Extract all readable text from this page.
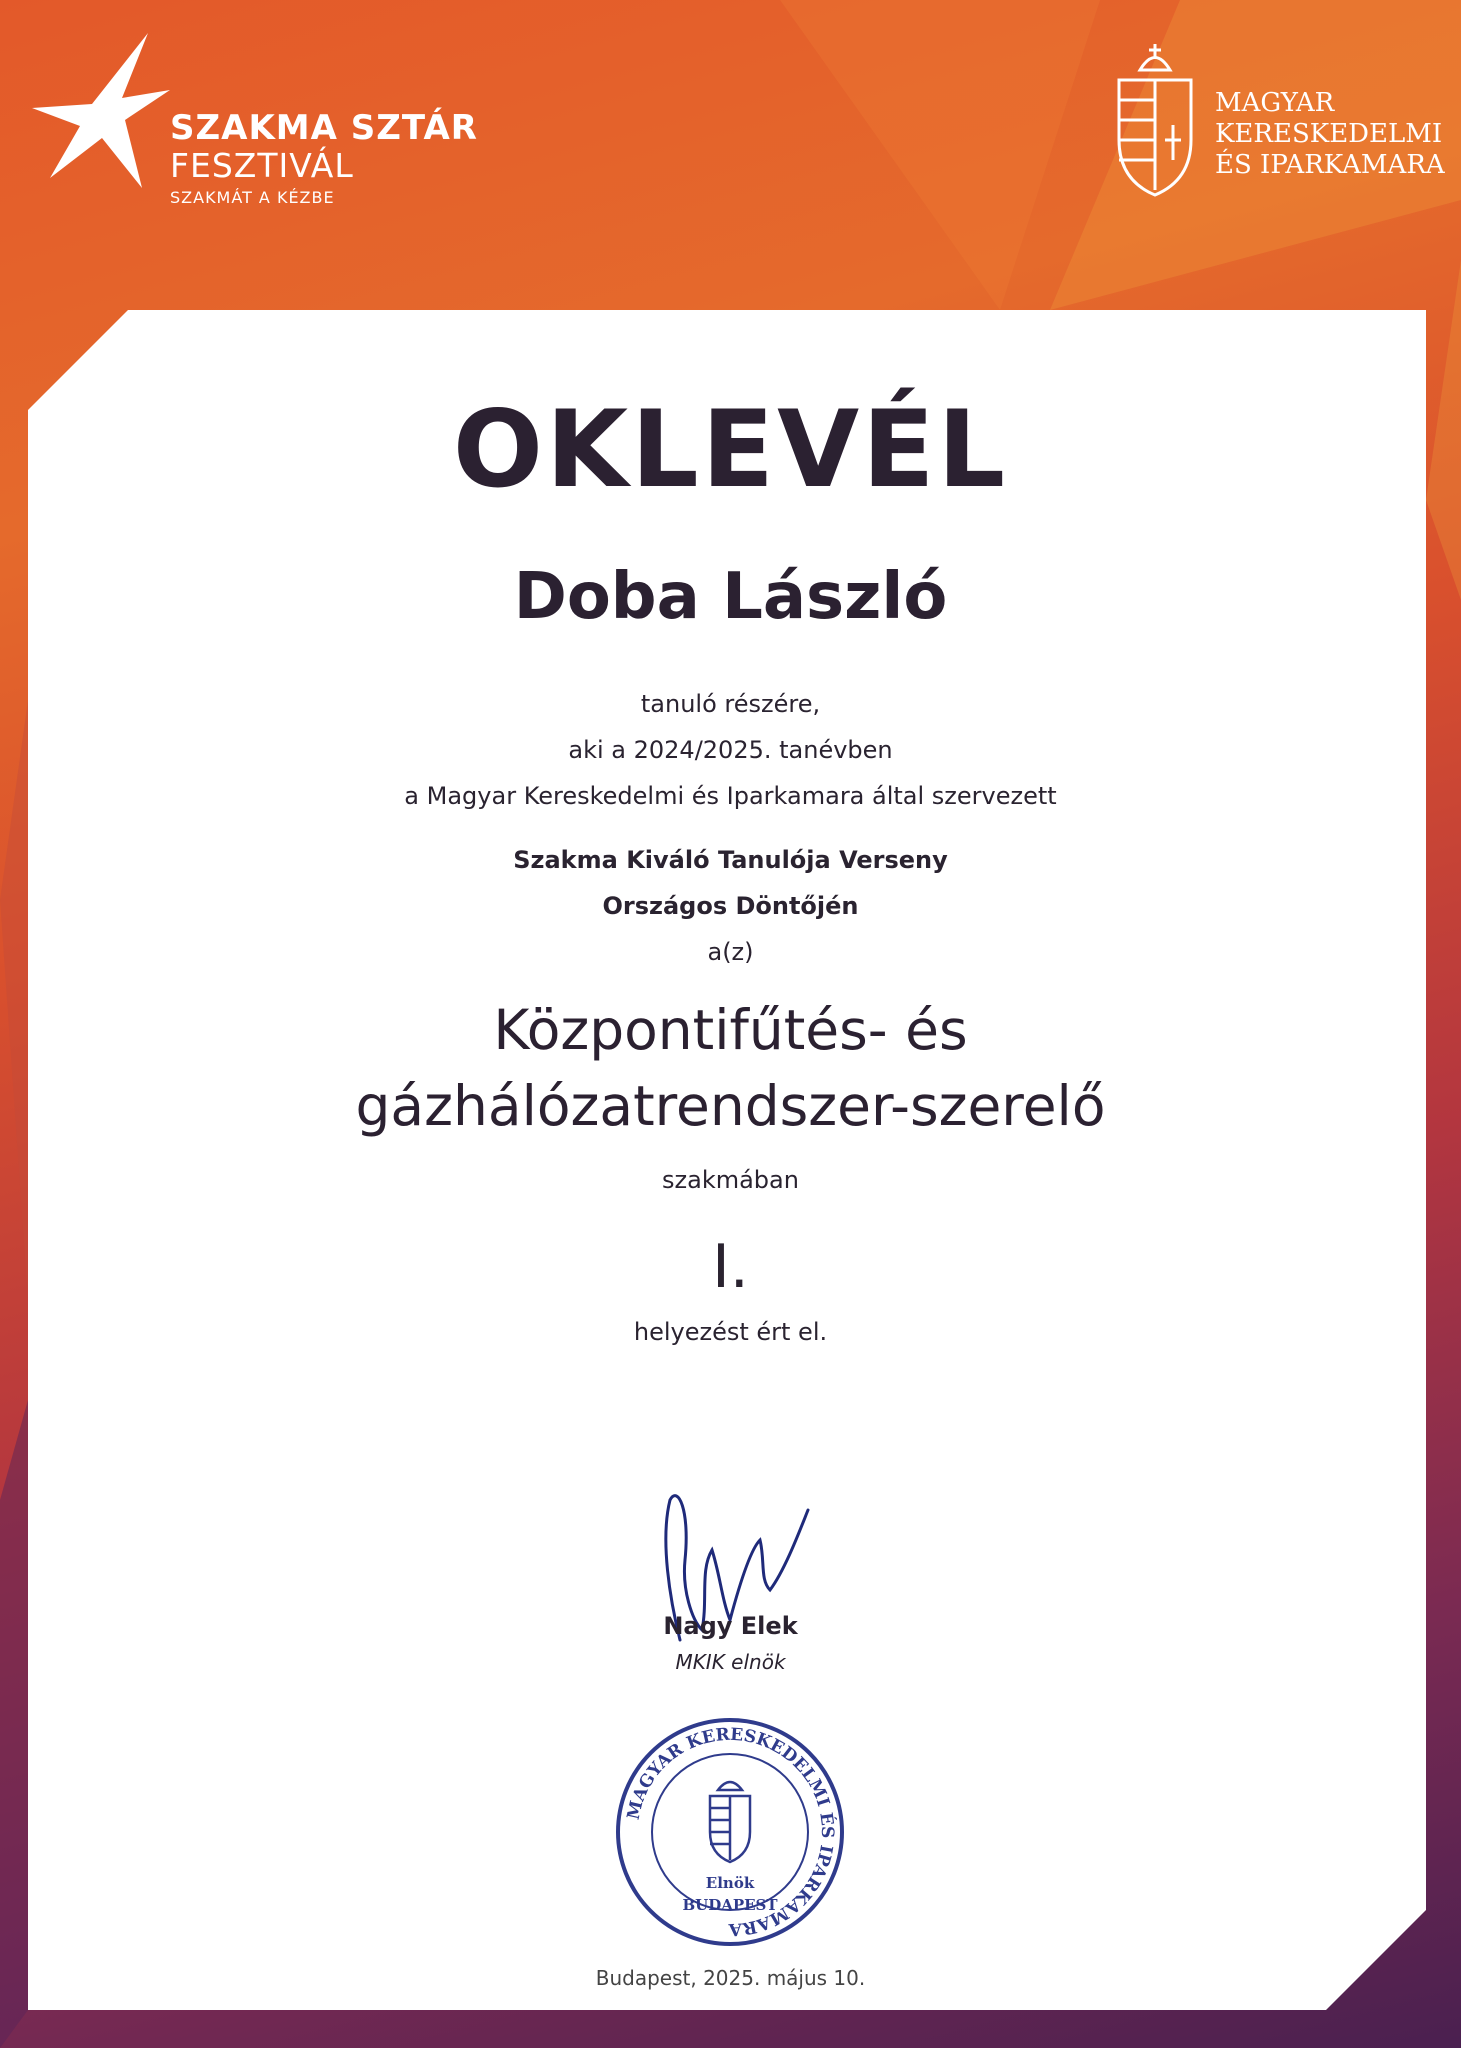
SZAKMA SZTÁR
FESZTIVÁL
SZAKMÁT A KÉZBE
MAGYAR
KERESKEDELMI
ÉS IPARKAMARA
OKLEVÉL
Doba László
tanuló részére,
aki a 2024/2025. tanévben
a Magyar Kereskedelmi és Iparkamara által szervezett
Szakma Kiváló Tanulója Verseny
Országos Döntőjén
a(z)
Központifűtés- és
gázhálózatrendszer-szerelő
szakmában
I.
helyezést ért el.
Nagy Elek
MKIK elnök
MAGYAR KERESKEDELMI ÉS IPARKAMARA
Elnök
BUDAPEST
Budapest, 2025. május 10.
